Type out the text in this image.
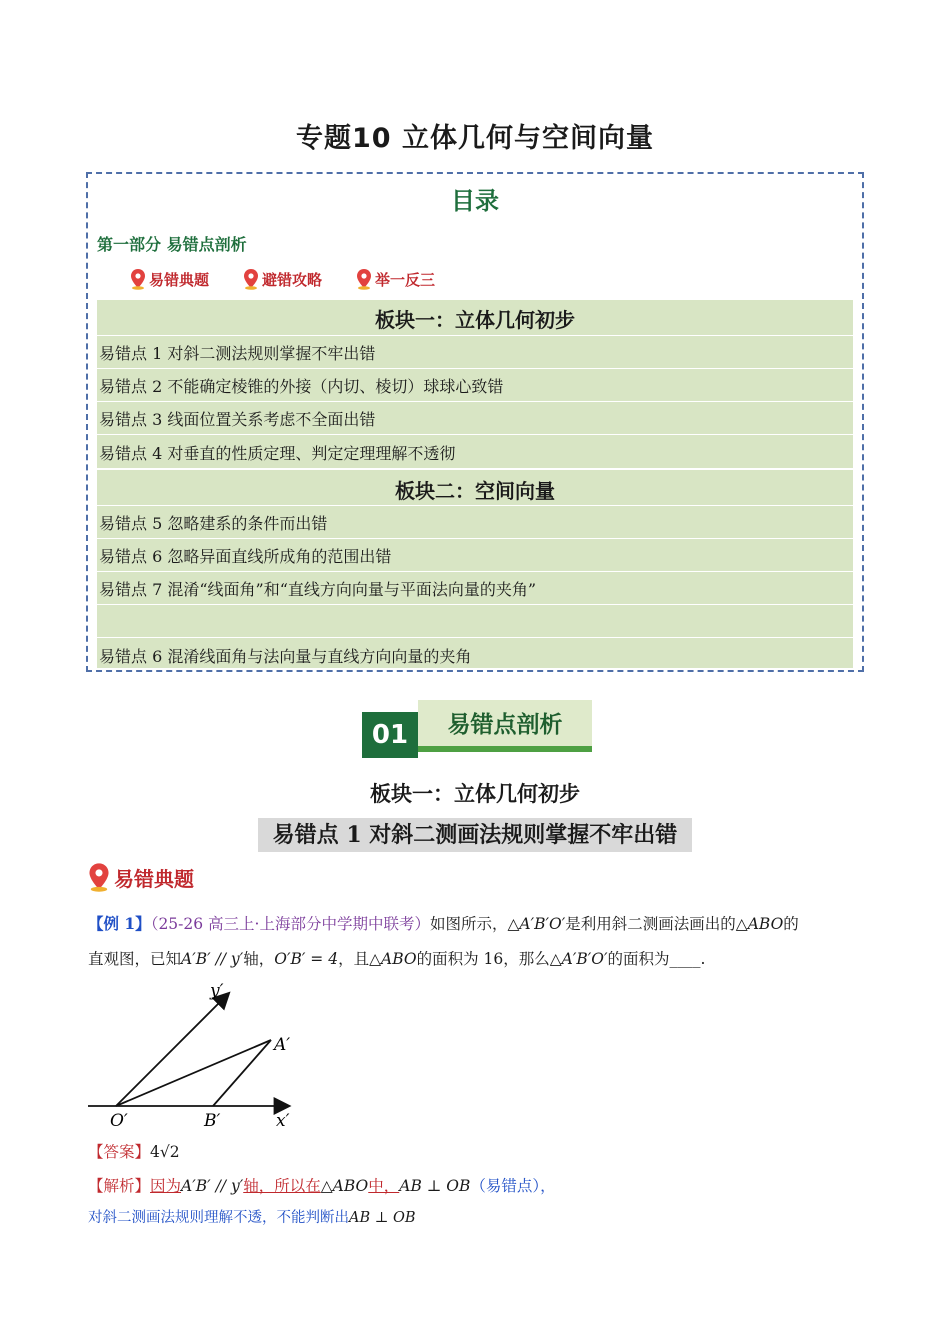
专题10 立体几何与空间向量
目录
第一部分 易错点剖析
易错典题	避错攻略	举一反三
板块一：立体几何初步
易错点 1 对斜二测法规则掌握不牢出错
易错点 2 不能确定棱锥的外接（内切、棱切）球球心致错
易错点 3 线面位置关系考虑不全面出错
易错点 4 对垂直的性质定理、判定定理理解不透彻
板块二：空间向量
易错点 5 忽略建系的条件而出错
易错点 6 忽略异面直线所成角的范围出错
易错点 7 混淆“线面角”和“直线方向向量与平面法向量的夹角”
易错点 6 混淆线面角与法向量与直线方向向量的夹角
01	易错点剖析
板块一：立体几何初步
易错点 1 对斜二测画法规则掌握不牢出错
易错典题
【例 1】（25-26 高三上·上海部分中学期中联考）如图所示，△A′B′O′是利用斜二测画法画出的△ABO的
直观图，已知A′B′ // y′轴，O′B′ = 4，且△ABO的面积为 16，那么△A′B′O′的面积为____.
y′
A′
O′	B′	x′
【答案】4√2
【解析】因为A′B′ // y′轴，所以在△ABO中，AB ⊥ OB（易错点），
对斜二测画法规则理解不透，不能判断出AB ⊥ OB
